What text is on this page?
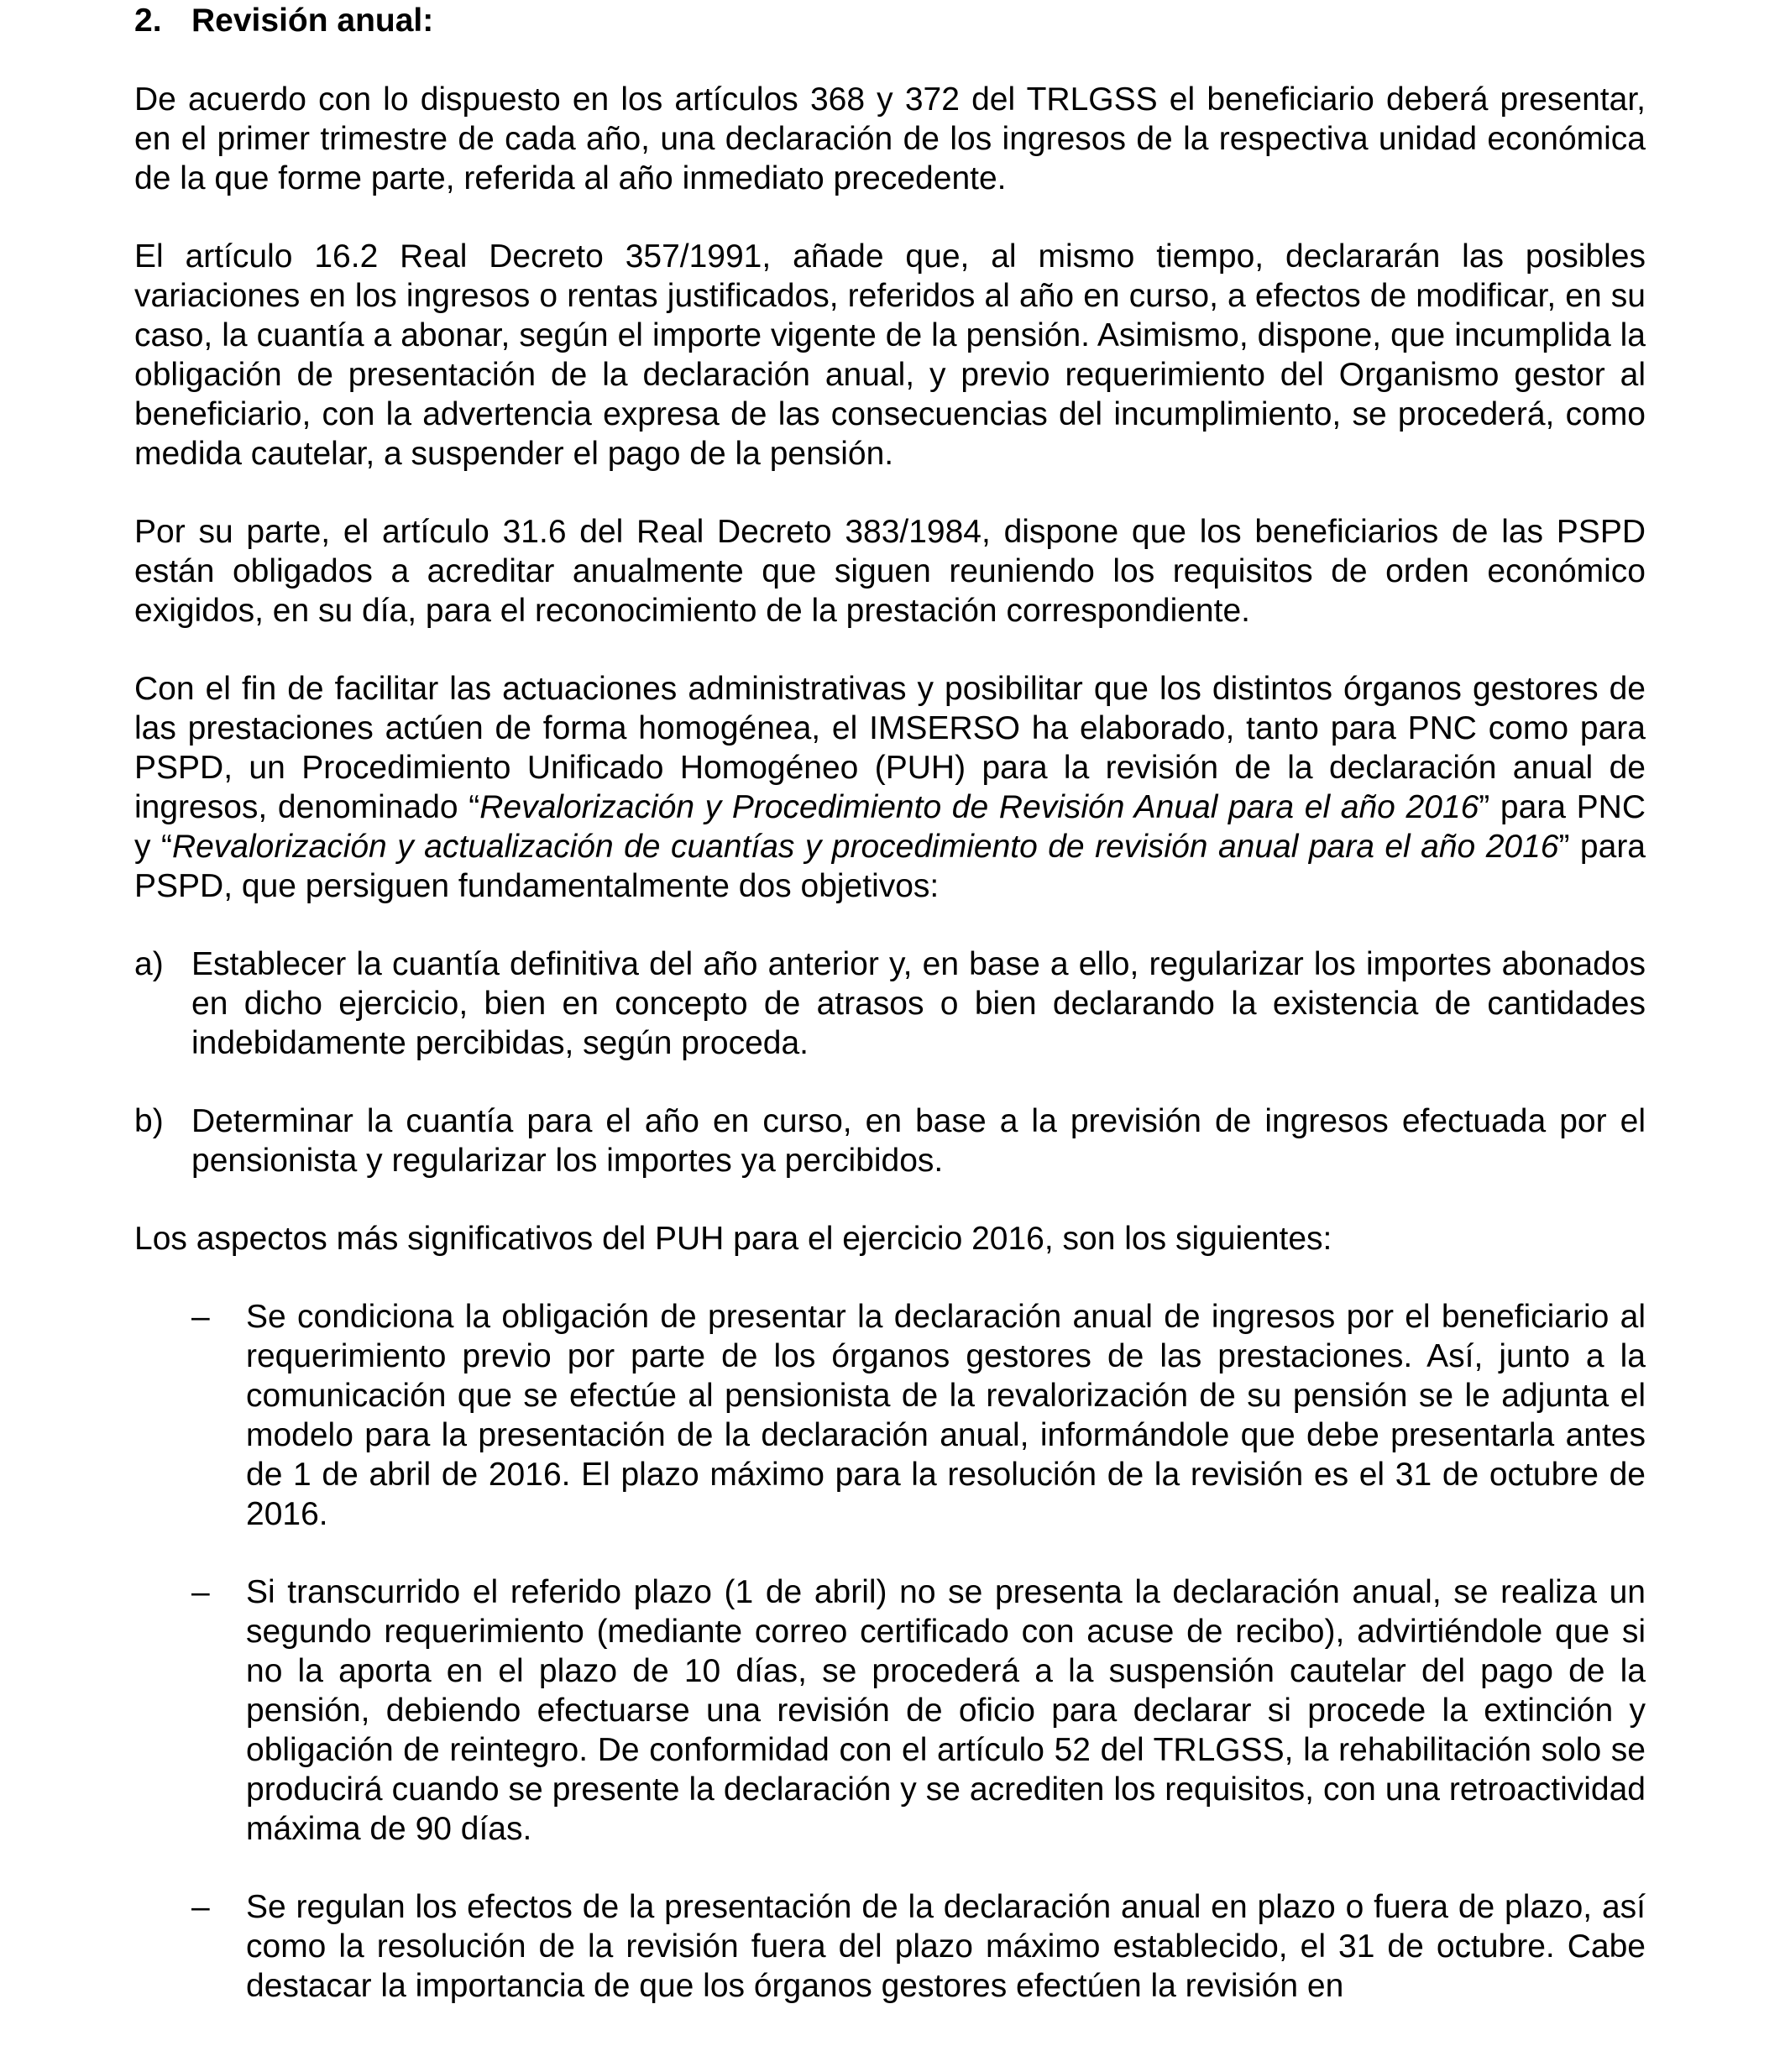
2. Revisión anual:

De acuerdo con lo dispuesto en los artículos 368 y 372 del TRLGSS el beneficiario deberá presentar, en el primer trimestre de cada año, una declaración de los ingresos de la respectiva unidad económica de la que forme parte, referida al año inmediato precedente.

El artículo 16.2 Real Decreto 357/1991, añade que, al mismo tiempo, declararán las posibles variaciones en los ingresos o rentas justificados, referidos al año en curso, a efectos de modificar, en su caso, la cuantía a abonar, según el importe vigente de la pensión. Asimismo, dispone, que incumplida la obligación de presentación de la declaración anual, y previo requerimiento del Organismo gestor al beneficiario, con la advertencia expresa de las consecuencias del incumplimiento, se procederá, como medida cautelar, a suspender el pago de la pensión.

Por su parte, el artículo 31.6 del Real Decreto 383/1984, dispone que los beneficiarios de las PSPD están obligados a acreditar anualmente que siguen reuniendo los requisitos de orden económico exigidos, en su día, para el reconocimiento de la prestación correspondiente.

Con el fin de facilitar las actuaciones administrativas y posibilitar que los distintos órganos gestores de las prestaciones actúen de forma homogénea, el IMSERSO ha elaborado, tanto para PNC como para PSPD, un Procedimiento Unificado Homogéneo (PUH) para la revisión de la declaración anual de ingresos, denominado “Revalorización y Procedimiento de Revisión Anual para el año 2016” para PNC y “Revalorización y actualización de cuantías y procedimiento de revisión anual para el año 2016” para PSPD, que persiguen fundamentalmente dos objetivos:

a) Establecer la cuantía definitiva del año anterior y, en base a ello, regularizar los importes abonados en dicho ejercicio, bien en concepto de atrasos o bien declarando la existencia de cantidades indebidamente percibidas, según proceda.
b) Determinar la cuantía para el año en curso, en base a la previsión de ingresos efectuada por el pensionista y regularizar los importes ya percibidos.

Los aspectos más significativos del PUH para el ejercicio 2016, son los siguientes:

–	Se condiciona la obligación de presentar la declaración anual de ingresos por el beneficiario al requerimiento previo por parte de los órganos gestores de las prestaciones. Así, junto a la comunicación que se efectúe al pensionista de la revalorización de su pensión se le adjunta el modelo para la presentación de la declaración anual, informándole que debe presentarla antes de 1 de abril de 2016. El plazo máximo para la resolución de la revisión es el 31 de octubre de 2016.
–	Si transcurrido el referido plazo (1 de abril) no se presenta la declaración anual, se realiza un segundo requerimiento (mediante correo certificado con acuse de recibo), advirtiéndole que si no la aporta en el plazo de 10 días, se procederá a la suspensión cautelar del pago de la pensión, debiendo efectuarse una revisión de oficio para declarar si procede la extinción y obligación de reintegro. De conformidad con el artículo 52 del TRLGSS, la rehabilitación solo se producirá cuando se presente la declaración y se acrediten los requisitos, con una retroactividad máxima de 90 días.
–	Se regulan los efectos de la presentación de la declaración anual en plazo o fuera de plazo, así como la resolución de la revisión fuera del plazo máximo establecido, el 31 de octubre. Cabe destacar la importancia de que los órganos gestores efectúen la revisión en
